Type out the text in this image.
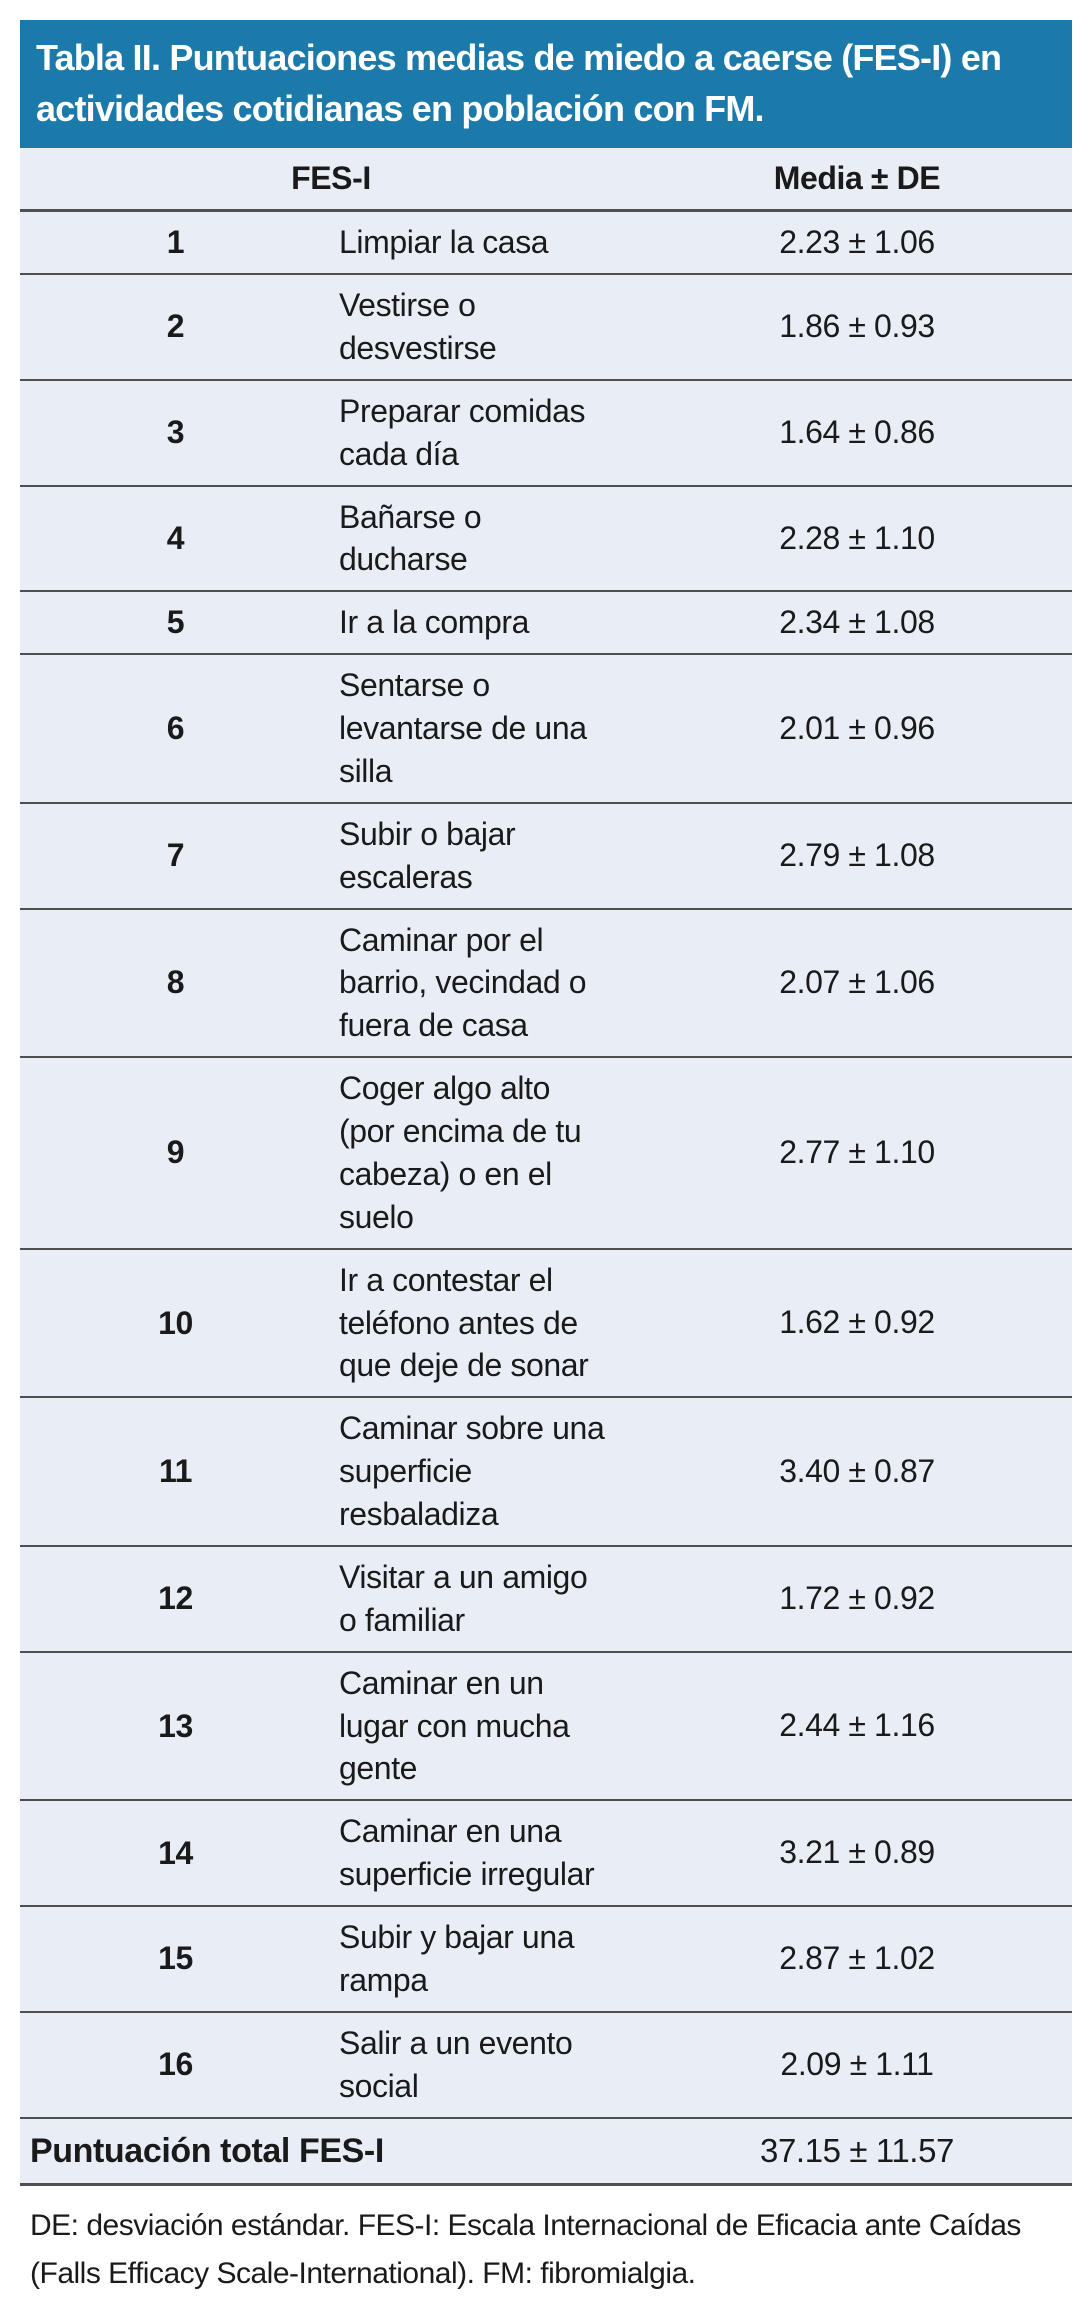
Tabla II. Puntuaciones medias de miedo a caerse (FES-I) en actividades cotidianas en población con FM.
FES-I		Media ± DE
1	Limpiar la casa	2.23 ± 1.06
2	Vestirse o desvestirse	1.86 ± 0.93
3	Preparar comidas cada día	1.64 ± 0.86
4	Bañarse o ducharse	2.28 ± 1.10
5	Ir a la compra	2.34 ± 1.08
6	Sentarse o levantarse de una silla	2.01 ± 0.96
7	Subir o bajar escaleras	2.79 ± 1.08
8	Caminar por el barrio, vecindad o fuera de casa	2.07 ± 1.06
9	Coger algo alto (por encima de tu cabeza) o en el suelo	2.77 ± 1.10
10	Ir a contestar el teléfono antes de que deje de sonar	1.62 ± 0.92
11	Caminar sobre una superficie resbaladiza	3.40 ± 0.87
12	Visitar a un amigo o familiar	1.72 ± 0.92
13	Caminar en un lugar con mucha gente	2.44 ± 1.16
14	Caminar en una superficie irregular	3.21 ± 0.89
15	Subir y bajar una rampa	2.87 ± 1.02
16	Salir a un evento social	2.09 ± 1.11
Puntuación total FES-I		37.15 ± 11.57
DE: desviación estándar. FES-I: Escala Internacional de Eficacia ante Caídas (Falls Efficacy Scale-International). FM: fibromialgia.
